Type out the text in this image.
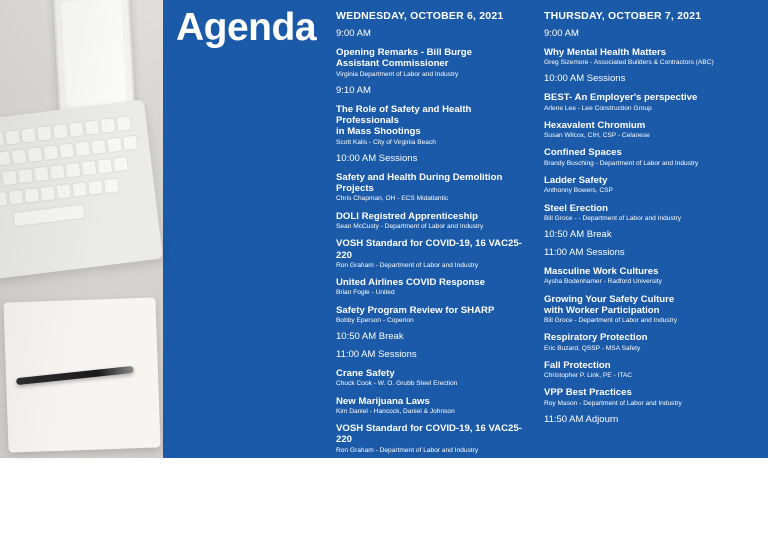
Agenda WEDNESDAY, OCTOBER 6, 2021
9:00 AM
Opening Remarks - Bill Burge
Assistant Commissioner
Virginia Department of Labor and Industry
9:10 AM
The Role of Safety and Health Professionals
in Mass Shootings
Scott Kalis - City of Virginia Beach
10:00 AM Sessions
Safety and Health During Demolition Projects
Chris Chapman, OH - ECS Midatlantic
DOLI Registred Apprenticeship
Sean McCusty - Department of Labor and Industry
VOSH Standard for COVID-19, 16 VAC25-220
Ron Graham - Department of Labor and Industry
United Airlines COVID Response
Brian Fogle - United
Safety Program Review for SHARP
Bobby Eperson - Coperion
10:50 AM Break
11:00 AM Sessions
Crane Safety
Chuck Cook - W. O. Grubb Steel Erection
New Marijuana Laws
Kim Daniel - Hancock, Daniel & Johnson
VOSH Standard for COVID-19, 16 VAC25-220
Ron Graham - Department of Labor and Industry
Industrial Hygiene Risk Assessments
Phil Fincher, CIH, CSP - EI Group
Levitate Industrial Exoskeleton
Kirk Stema - Levitate Tecnologies
11:50 AM Adjourn
12:00 PM Vendor Breakout Sessions
THURSDAY, OCTOBER 7, 2021
9:00 AM
Why Mental Health Matters
Greg Sizemore - Associated Builders & Contractors (ABC)
10:00 AM Sessions
BEST- An Employer's perspective
Arlene Lee - Lee Construction Group
Hexavalent Chromium
Susan Wilcox, CIH, CSP - Celanese
Confined Spaces
Brandy Busching - Department of Labor and Industry
Ladder Safety
Anthonny Bowers, CSP
Steel Erection
Bill Groce - - Department of Labor and Industry
10:50 AM Break
11:00 AM Sessions
Masculine Work Cultures
Aysha Bodenhamer - Radford University
Growing Your Safety Culture
with Worker Participation
Bill Groce - Department of Labor and Industry
Respiratory Protection
Eric Buzard, QSSP - MSA Safety
Fall Protection
Christopher P. Link, PE - ITAC
VPP Best Practices
Roy Mason - Department of Labor and Industry
11:50 AM Adjourn
